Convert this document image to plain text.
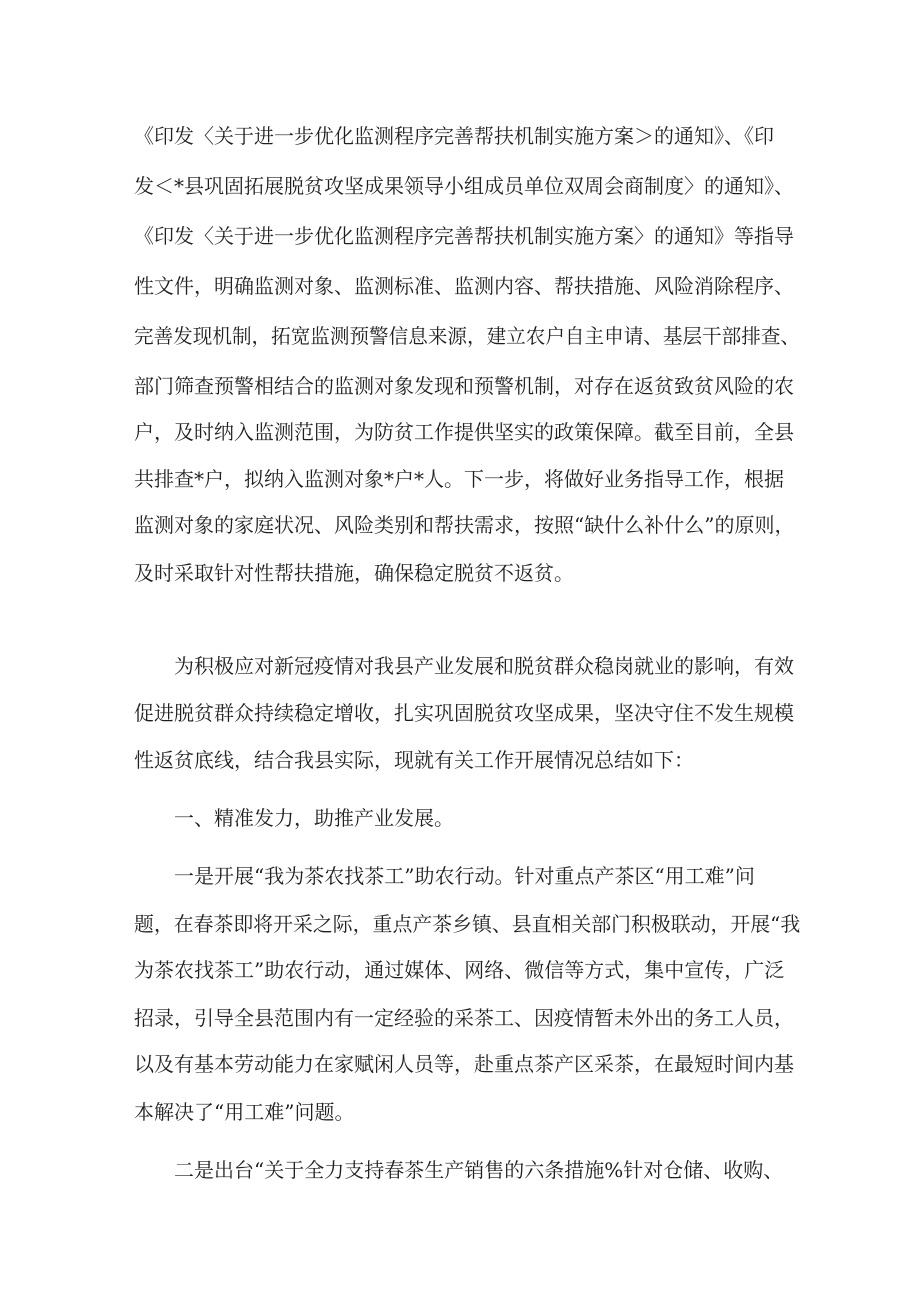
《印发〈关于进一步优化监测程序完善帮扶机制实施方案＞的通知》、《印

发＜*县巩固拓展脱贫攻坚成果领导小组成员单位双周会商制度〉的通知》、

《印发〈关于进一步优化监测程序完善帮扶机制实施方案〉的通知》等指导

性文件，明确监测对象、监测标准、监测内容、帮扶措施、风险消除程序、

完善发现机制，拓宽监测预警信息来源，建立农户自主申请、基层干部排查、

部门筛查预警相结合的监测对象发现和预警机制，对存在返贫致贫风险的农

户，及时纳入监测范围，为防贫工作提供坚实的政策保障。截至目前，全县

共排查*户，拟纳入监测对象*户*人。下一步，将做好业务指导工作，根据

监测对象的家庭状况、风险类别和帮扶需求，按照“缺什么补什么”的原则，

及时采取针对性帮扶措施，确保稳定脱贫不返贫。

为积极应对新冠疫情对我县产业发展和脱贫群众稳岗就业的影响，有效

促进脱贫群众持续稳定增收，扎实巩固脱贫攻坚成果，坚决守住不发生规模

性返贫底线，结合我县实际，现就有关工作开展情况总结如下：

一、精准发力，助推产业发展。

一是开展“我为茶农找茶工”助农行动。针对重点产茶区“用工难”问

题，在春茶即将开采之际，重点产茶乡镇、县直相关部门积极联动，开展“我

为茶农找茶工”助农行动，通过媒体、网络、微信等方式，集中宣传，广泛

招录，引导全县范围内有一定经验的采茶工、因疫情暂未外出的务工人员，

以及有基本劳动能力在家赋闲人员等，赴重点茶产区采茶，在最短时间内基

本解决了“用工难”问题。

二是出台“关于全力支持春茶生产销售的六条措施%针对仓储、收购、
